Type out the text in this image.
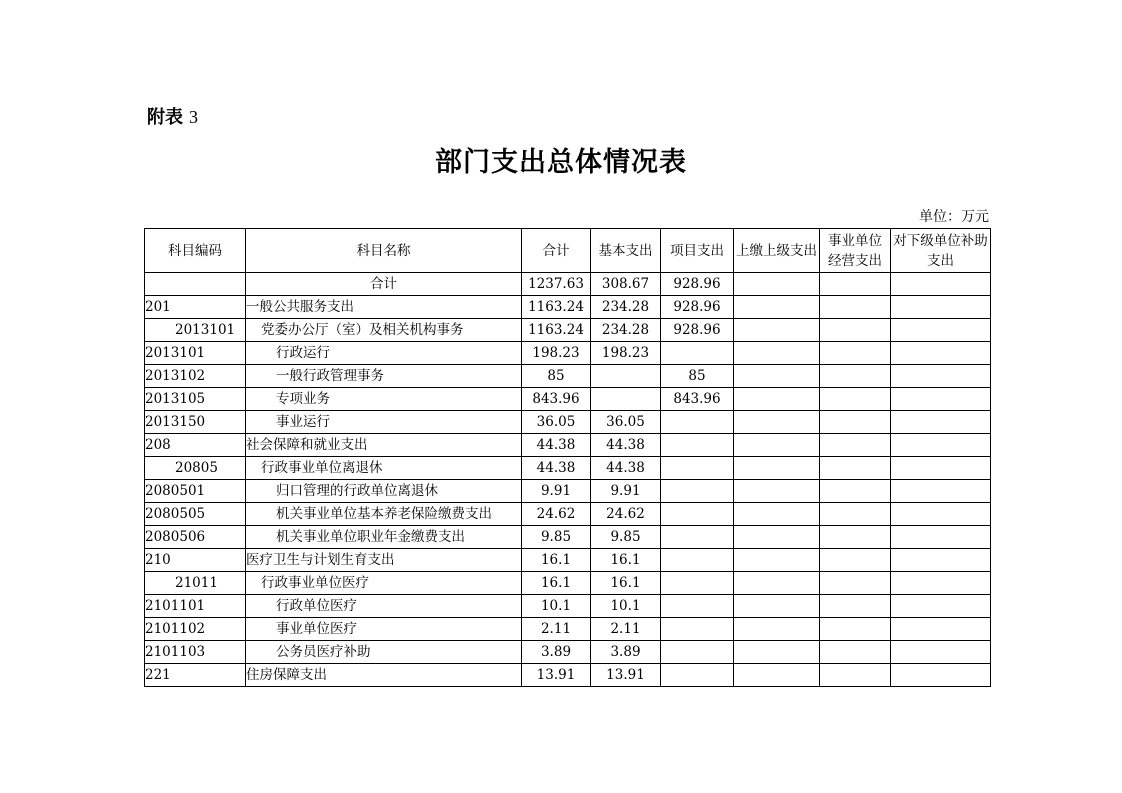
附表 3
部门支出总体情况表
单位：万元
科目编码	科目名称	合计	基本支出	项目支出	上缴上级支出	事业单位经营支出	对下级单位补助支出
	合计	1237.63	308.67	928.96			
201	一般公共服务支出	1163.24	234.28	928.96			
2013101	党委办公厅（室）及相关机构事务	1163.24	234.28	928.96			
2013101	行政运行	198.23	198.23				
2013102	一般行政管理事务	85		85			
2013105	专项业务	843.96		843.96			
2013150	事业运行	36.05	36.05				
208	社会保障和就业支出	44.38	44.38				
20805	行政事业单位离退休	44.38	44.38				
2080501	归口管理的行政单位离退休	9.91	9.91				
2080505	机关事业单位基本养老保险缴费支出	24.62	24.62				
2080506	机关事业单位职业年金缴费支出	9.85	9.85				
210	医疗卫生与计划生育支出	16.1	16.1				
21011	行政事业单位医疗	16.1	16.1				
2101101	行政单位医疗	10.1	10.1				
2101102	事业单位医疗	2.11	2.11				
2101103	公务员医疗补助	3.89	3.89				
221	住房保障支出	13.91	13.91				
